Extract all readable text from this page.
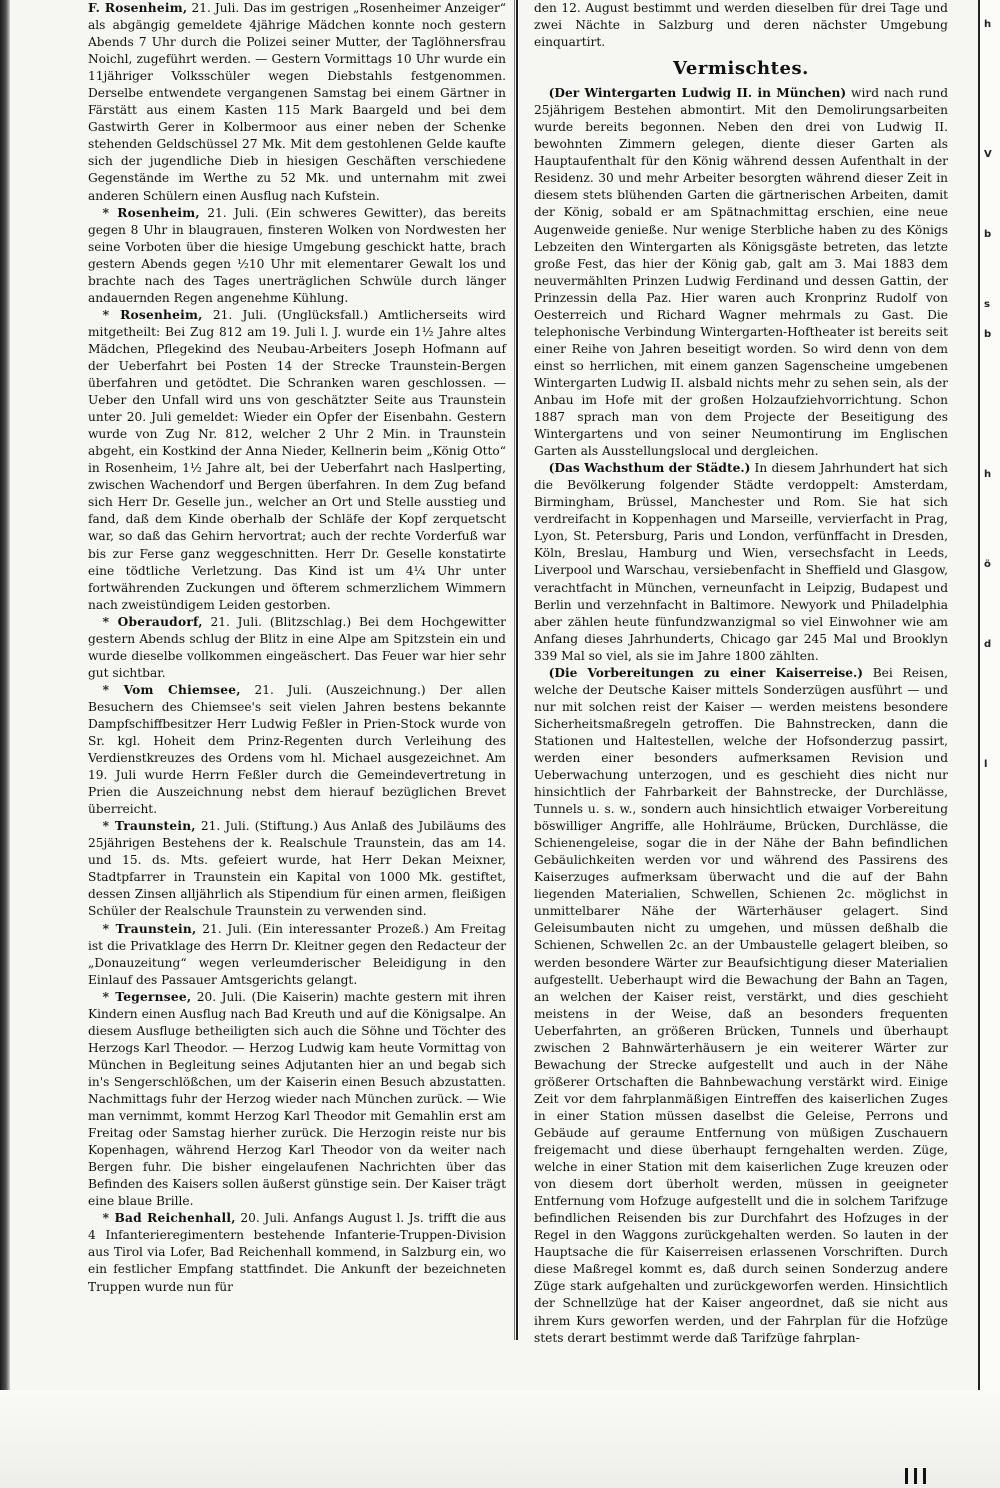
F. Rosenheim, 21. Juli. Das im gestrigen „Rosenheimer Anzeiger“ als abgängig gemeldete 4jährige Mädchen konnte noch gestern Abends 7 Uhr durch die Polizei seiner Mutter, der Taglöhnersfrau Noichl, zugeführt werden. — Gestern Vormittags 10 Uhr wurde ein 11jähriger Volksschüler wegen Diebstahls festgenommen. Derselbe entwendete vergangenen Samstag bei einem Gärtner in Färstätt aus einem Kasten 115 Mark Baargeld und bei dem Gastwirth Gerer in Kolbermoor aus einer neben der Schenke stehenden Geldschüssel 27 Mk. Mit dem gestohlenen Gelde kaufte sich der jugendliche Dieb in hiesigen Geschäften verschiedene Gegenstände im Werthe zu 52 Mk. und unternahm mit zwei anderen Schülern einen Ausflug nach Kufstein.

* Rosenheim, 21. Juli. (Ein schweres Gewitter), das bereits gegen 8 Uhr in blaugrauen, finsteren Wolken von Nordwesten her seine Vorboten über die hiesige Umgebung geschickt hatte, brach gestern Abends gegen ½10 Uhr mit elementarer Gewalt los und brachte nach des Tages unerträglichen Schwüle durch länger andauernden Regen angenehme Kühlung.

* Rosenheim, 21. Juli. (Unglücksfall.) Amtlicherseits wird mitgetheilt: Bei Zug 812 am 19. Juli l. J. wurde ein 1½ Jahre altes Mädchen, Pflegekind des Neubau-Arbeiters Joseph Hofmann auf der Ueberfahrt bei Posten 14 der Strecke Traunstein-Bergen überfahren und getödtet. Die Schranken waren geschlossen. — Ueber den Unfall wird uns von geschätzter Seite aus Traunstein unter 20. Juli gemeldet: Wieder ein Opfer der Eisenbahn. Gestern wurde von Zug Nr. 812, welcher 2 Uhr 2 Min. in Traunstein abgeht, ein Kostkind der Anna Nieder, Kellnerin beim „König Otto“ in Rosenheim, 1½ Jahre alt, bei der Ueberfahrt nach Haslperting, zwischen Wachendorf und Bergen überfahren. In dem Zug befand sich Herr Dr. Geselle jun., welcher an Ort und Stelle ausstieg und fand, daß dem Kinde oberhalb der Schläfe der Kopf zerquetscht war, so daß das Gehirn hervortrat; auch der rechte Vorderfuß war bis zur Ferse ganz weggeschnitten. Herr Dr. Geselle konstatirte eine tödtliche Verletzung. Das Kind ist um 4¼ Uhr unter fortwährenden Zuckungen und öfterem schmerzlichem Wimmern nach zweistündigem Leiden gestorben.

* Oberaudorf, 21. Juli. (Blitzschlag.) Bei dem Hochgewitter gestern Abends schlug der Blitz in eine Alpe am Spitzstein ein und wurde dieselbe vollkommen eingeäschert. Das Feuer war hier sehr gut sichtbar.

* Vom Chiemsee, 21. Juli. (Auszeichnung.) Der allen Besuchern des Chiemsee's seit vielen Jahren bestens bekannte Dampfschiffbesitzer Herr Ludwig Feßler in Prien-Stock wurde von Sr. kgl. Hoheit dem Prinz-Regenten durch Verleihung des Verdienstkreuzes des Ordens vom hl. Michael ausgezeichnet. Am 19. Juli wurde Herrn Feßler durch die Gemeindevertretung in Prien die Auszeichnung nebst dem hierauf bezüglichen Brevet überreicht.

* Traunstein, 21. Juli. (Stiftung.) Aus Anlaß des Jubiläums des 25jährigen Bestehens der k. Realschule Traunstein, das am 14. und 15. ds. Mts. gefeiert wurde, hat Herr Dekan Meixner, Stadtpfarrer in Traunstein ein Kapital von 1000 Mk. gestiftet, dessen Zinsen alljährlich als Stipendium für einen armen, fleißigen Schüler der Realschule Traunstein zu verwenden sind.

* Traunstein, 21. Juli. (Ein interessanter Prozeß.) Am Freitag ist die Privatklage des Herrn Dr. Kleitner gegen den Redacteur der „Donauzeitung“ wegen verleumderischer Beleidigung in den Einlauf des Passauer Amtsgerichts gelangt.

* Tegernsee, 20. Juli. (Die Kaiserin) machte gestern mit ihren Kindern einen Ausflug nach Bad Kreuth und auf die Königsalpe. An diesem Ausfluge betheiligten sich auch die Söhne und Töchter des Herzogs Karl Theodor. — Herzog Ludwig kam heute Vormittag von München in Begleitung seines Adjutanten hier an und begab sich in's Sengerschlößchen, um der Kaiserin einen Besuch abzustatten. Nachmittags fuhr der Herzog wieder nach München zurück. — Wie man vernimmt, kommt Herzog Karl Theodor mit Gemahlin erst am Freitag oder Samstag hierher zurück. Die Herzogin reiste nur bis Kopenhagen, während Herzog Karl Theodor von da weiter nach Bergen fuhr. Die bisher eingelaufenen Nachrichten über das Befinden des Kaisers sollen äußerst günstige sein. Der Kaiser trägt eine blaue Brille.

* Bad Reichenhall, 20. Juli. Anfangs August l. Js. trifft die aus 4 Infanterieregimentern bestehende Infanterie-Truppen-Division aus Tirol via Lofer, Bad Reichenhall kommend, in Salzburg ein, wo ein festlicher Empfang stattfindet. Die Ankunft der bezeichneten Truppen wurde nun für

den 12. August bestimmt und werden dieselben für drei Tage und zwei Nächte in Salzburg und deren nächster Umgebung einquartirt.

Vermischtes.

(Der Wintergarten Ludwig II. in München) wird nach rund 25jährigem Bestehen abmontirt. Mit den Demolirungsarbeiten wurde bereits begonnen. Neben den drei von Ludwig II. bewohnten Zimmern gelegen, diente dieser Garten als Hauptaufenthalt für den König während dessen Aufenthalt in der Residenz. 30 und mehr Arbeiter besorgten während dieser Zeit in diesem stets blühenden Garten die gärtnerischen Arbeiten, damit der König, sobald er am Spätnachmittag erschien, eine neue Augenweide genieße. Nur wenige Sterbliche haben zu des Königs Lebzeiten den Wintergarten als Königsgäste betreten, das letzte große Fest, das hier der König gab, galt am 3. Mai 1883 dem neuvermählten Prinzen Ludwig Ferdinand und dessen Gattin, der Prinzessin della Paz. Hier waren auch Kronprinz Rudolf von Oesterreich und Richard Wagner mehrmals zu Gast. Die telephonische Verbindung Wintergarten-Hoftheater ist bereits seit einer Reihe von Jahren beseitigt worden. So wird denn von dem einst so herrlichen, mit einem ganzen Sagenscheine umgebenen Wintergarten Ludwig II. alsbald nichts mehr zu sehen sein, als der Anbau im Hofe mit der großen Holzaufziehvorrichtung. Schon 1887 sprach man von dem Projecte der Beseitigung des Wintergartens und von seiner Neumontirung im Englischen Garten als Ausstellungslocal und dergleichen.

(Das Wachsthum der Städte.) In diesem Jahrhundert hat sich die Bevölkerung folgender Städte verdoppelt: Amsterdam, Birmingham, Brüssel, Manchester und Rom. Sie hat sich verdreifacht in Koppenhagen und Marseille, vervierfacht in Prag, Lyon, St. Petersburg, Paris und London, verfünffacht in Dresden, Köln, Breslau, Hamburg und Wien, versechsfacht in Leeds, Liverpool und Warschau, versiebenfacht in Sheffield und Glasgow, verachtfacht in München, verneunfacht in Leipzig, Budapest und Berlin und verzehnfacht in Baltimore. Newyork und Philadelphia aber zählen heute fünfundzwanzigmal so viel Einwohner wie am Anfang dieses Jahrhunderts, Chicago gar 245 Mal und Brooklyn 339 Mal so viel, als sie im Jahre 1800 zählten.

(Die Vorbereitungen zu einer Kaiserreise.) Bei Reisen, welche der Deutsche Kaiser mittels Sonderzügen ausführt — und nur mit solchen reist der Kaiser — werden meistens besondere Sicherheitsmaßregeln getroffen. Die Bahnstrecken, dann die Stationen und Haltestellen, welche der Hofsonderzug passirt, werden einer besonders aufmerksamen Revision und Ueberwachung unterzogen, und es geschieht dies nicht nur hinsichtlich der Fahrbarkeit der Bahnstrecke, der Durchlässe, Tunnels u. s. w., sondern auch hinsichtlich etwaiger Vorbereitung böswilliger Angriffe, alle Hohlräume, Brücken, Durchlässe, die Schienengeleise, sogar die in der Nähe der Bahn befindlichen Gebäulichkeiten werden vor und während des Passirens des Kaiserzuges aufmerksam überwacht und die auf der Bahn liegenden Materialien, Schwellen, Schienen 2c. möglichst in unmittelbarer Nähe der Wärterhäuser gelagert. Sind Geleisumbauten nicht zu umgehen, und müssen deßhalb die Schienen, Schwellen 2c. an der Umbaustelle gelagert bleiben, so werden besondere Wärter zur Beaufsichtigung dieser Materialien aufgestellt. Ueberhaupt wird die Bewachung der Bahn an Tagen, an welchen der Kaiser reist, verstärkt, und dies geschieht meistens in der Weise, daß an besonders frequenten Ueberfahrten, an größeren Brücken, Tunnels und überhaupt zwischen 2 Bahnwärterhäusern je ein weiterer Wärter zur Bewachung der Strecke aufgestellt und auch in der Nähe größerer Ortschaften die Bahnbewachung verstärkt wird. Einige Zeit vor dem fahrplanmäßigen Eintreffen des kaiserlichen Zuges in einer Station müssen daselbst die Geleise, Perrons und Gebäude auf geraume Entfernung von müßigen Zuschauern freigemacht und diese überhaupt ferngehalten werden. Züge, welche in einer Station mit dem kaiserlichen Zuge kreuzen oder von diesem dort überholt werden, müssen in geeigneter Entfernung vom Hofzuge aufgestellt und die in solchem Tarifzuge befindlichen Reisenden bis zur Durchfahrt des Hofzuges in der Regel in den Waggons zurückgehalten werden. So lauten in der Hauptsache die für Kaiserreisen erlassenen Vorschriften. Durch diese Maßregel kommt es, daß durch seinen Sonderzug andere Züge stark aufgehalten und zurückgeworfen werden. Hinsichtlich der Schnellzüge hat der Kaiser angeordnet, daß sie nicht aus ihrem Kurs geworfen werden, und der Fahrplan für die Hofzüge stets derart bestimmt werde daß Tarifzüge fahrplan-

h
V
b
s
b
h
ö
d
l
